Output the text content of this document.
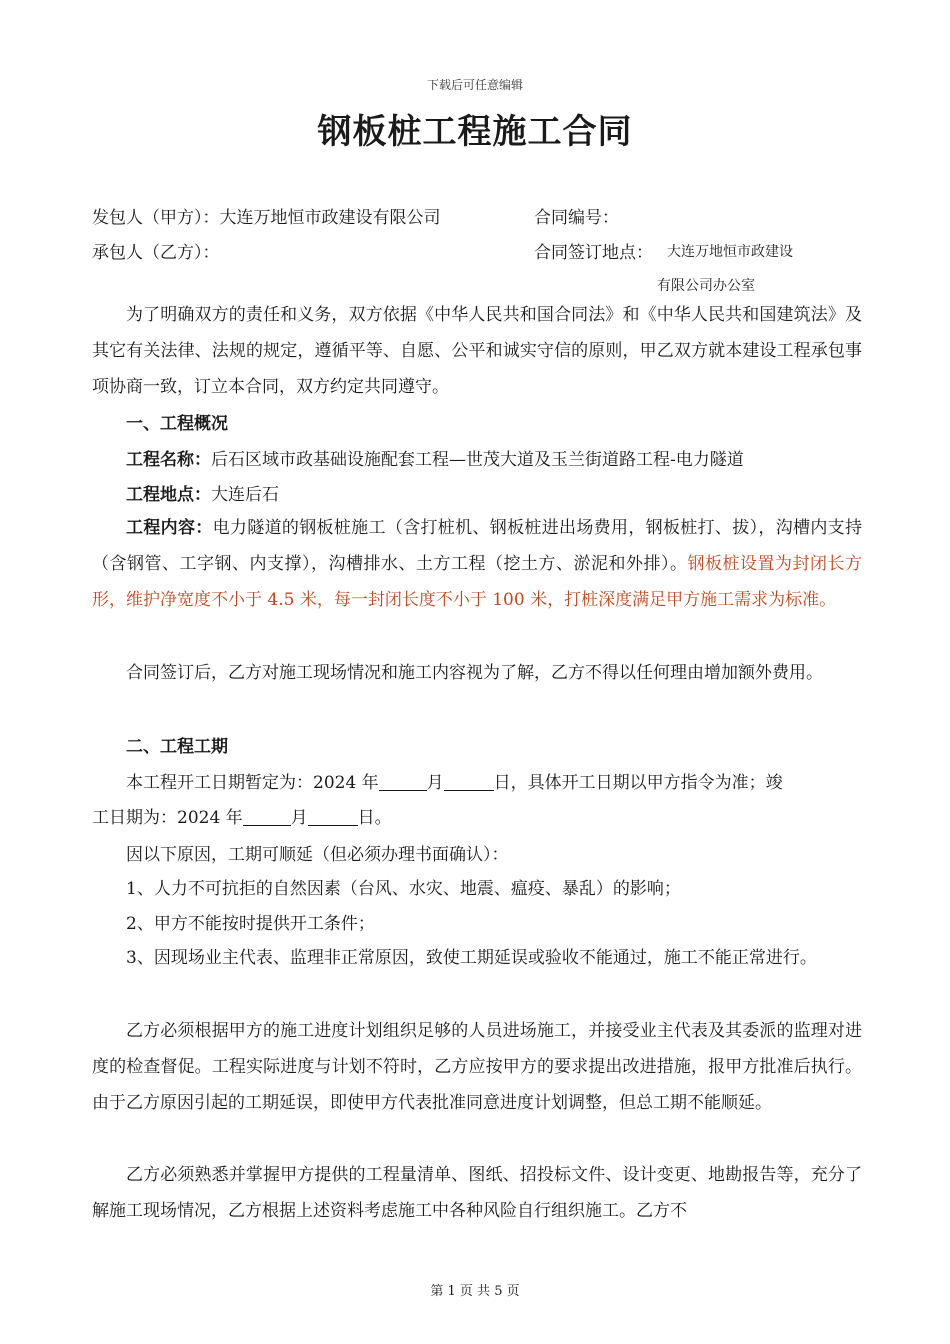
下载后可任意编辑
钢板桩工程施工合同
发包人（甲方）：大连万地恒市政建设有限公司	合同编号：
承包人（乙方）：	合同签订地点： 大连万地恒市政建设
有限公司办公室
为了明确双方的责任和义务，双方依据《中华人民共和国合同法》和《中华人民共和国建筑法》及其它有关法律、法规的规定，遵循平等、自愿、公平和诚实守信的原则，甲乙双方就本建设工程承包事项协商一致，订立本合同，双方约定共同遵守。
一、工程概况
工程名称：后石区域市政基础设施配套工程—世茂大道及玉兰街道路工程-电力隧道
工程地点：大连后石
工程内容：电力隧道的钢板桩施工（含打桩机、钢板桩进出场费用，钢板桩打、拔），沟槽内支持（含钢管、工字钢、内支撑），沟槽排水、土方工程（挖土方、淤泥和外排）。钢板桩设置为封闭长方形，维护净宽度不小于 4.5 米，每一封闭长度不小于 100 米，打桩深度满足甲方施工需求为标准。
合同签订后，乙方对施工现场情况和施工内容视为了解，乙方不得以任何理由增加额外费用。
二、工程工期
本工程开工日期暂定为：2024 年	月	日，具体开工日期以甲方指令为准；竣
工日期为：2024 年	月	日。
因以下原因，工期可顺延（但必须办理书面确认）：
1、人力不可抗拒的自然因素（台风、水灾、地震、瘟疫、暴乱）的影响；
2、甲方不能按时提供开工条件；
3、因现场业主代表、监理非正常原因，致使工期延误或验收不能通过，施工不能正常进行。
乙方必须根据甲方的施工进度计划组织足够的人员进场施工，并接受业主代表及其委派的监理对进度的检查督促。工程实际进度与计划不符时，乙方应按甲方的要求提出改进措施，报甲方批准后执行。由于乙方原因引起的工期延误，即使甲方代表批准同意进度计划调整，但总工期不能顺延。
乙方必须熟悉并掌握甲方提供的工程量清单、图纸、招投标文件、设计变更、地勘报告等，充分了解施工现场情况，乙方根据上述资料考虑施工中各种风险自行组织施工。乙方不
第 1 页 共 5 页
